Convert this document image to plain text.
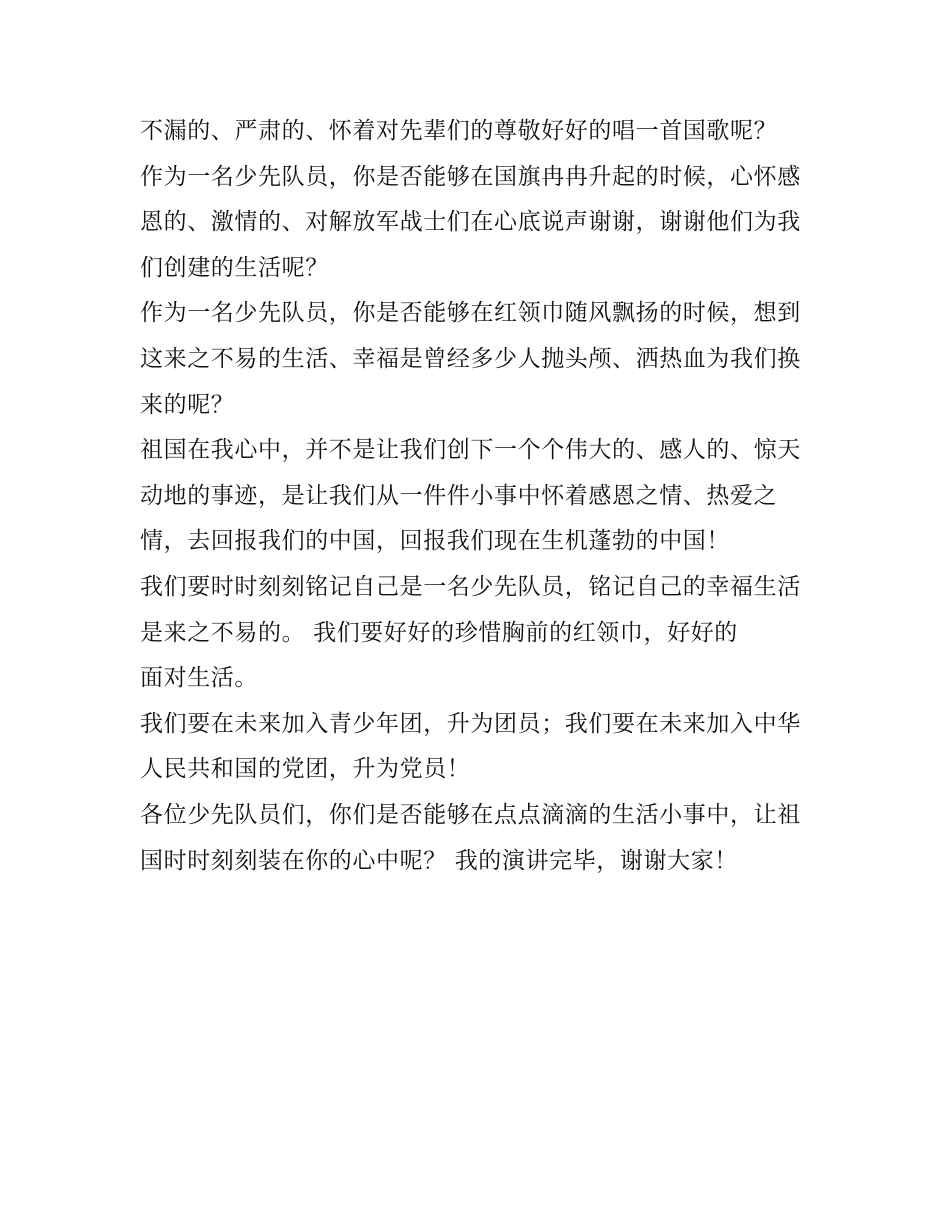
不漏的、严肃的、怀着对先辈们的尊敬好好的唱一首国歌呢？

作为一名少先队员，你是否能够在国旗冉冉升起的时候，心怀感恩的、激情的、对解放军战士们在心底说声谢谢，谢谢他们为我们创建的生活呢？

作为一名少先队员，你是否能够在红领巾随风飘扬的时候，想到这来之不易的生活、幸福是曾经多少人抛头颅、洒热血为我们换来的呢？

祖国在我心中，并不是让我们创下一个个伟大的、感人的、惊天动地的事迹，是让我们从一件件小事中怀着感恩之情、热爱之情，去回报我们的中国，回报我们现在生机蓬勃的中国！

我们要时时刻刻铭记自己是一名少先队员，铭记自己的幸福生活是来之不易的。 我们要好好的珍惜胸前的红领巾，好好的
面对生活。

我们要在未来加入青少年团，升为团员；我们要在未来加入中华人民共和国的党团，升为党员！

各位少先队员们，你们是否能够在点点滴滴的生活小事中，让祖国时时刻刻装在你的心中呢？ 我的演讲完毕，谢谢大家！
